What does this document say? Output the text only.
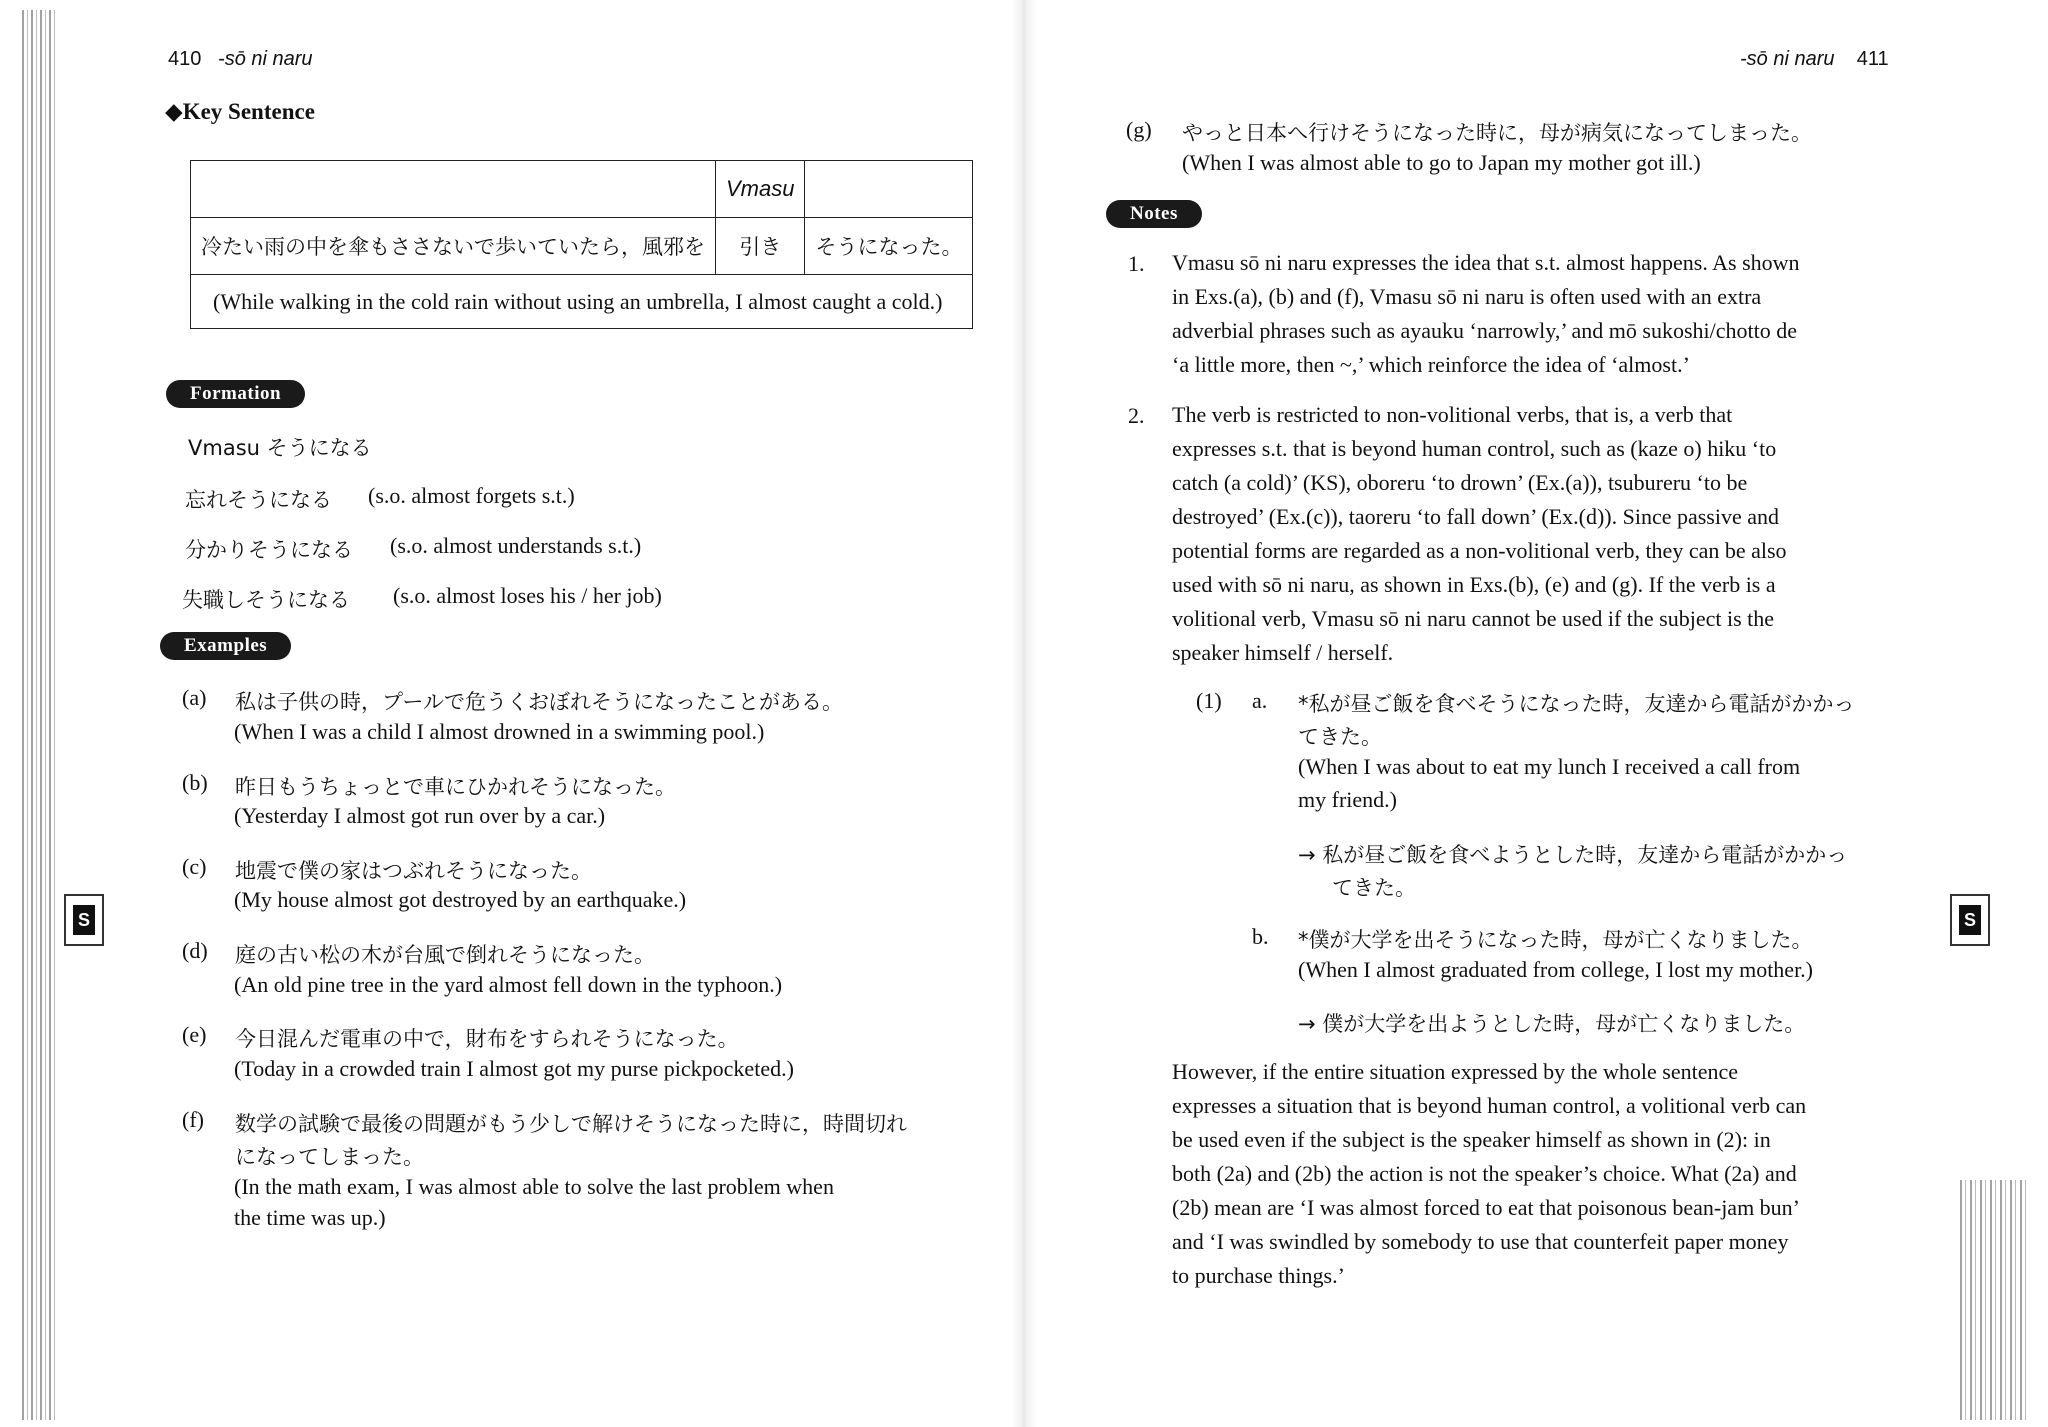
410 -sō ni naru
◆Key Sentence
	Vmasu	
冷たい雨の中を傘もささないで歩いていたら，風邪を	引き	そうになった。
(While walking in the cold rain without using an umbrella, I almost caught a cold.)		
Formation
Vmasu そうになる
忘れそうになる (s.o. almost forgets s.t.)
分かりそうになる (s.o. almost understands s.t.)
失職しそうになる (s.o. almost loses his / her job)
Examples
(a) 私は子供の時，プールで危うくおぼれそうになったことがある。
(When I was a child I almost drowned in a swimming pool.)
(b) 昨日もうちょっとで車にひかれそうになった。
(Yesterday I almost got run over by a car.)
(c) 地震で僕の家はつぶれそうになった。
(My house almost got destroyed by an earthquake.)
(d) 庭の古い松の木が台風で倒れそうになった。
(An old pine tree in the yard almost fell down in the typhoon.)
(e) 今日混んだ電車の中で，財布をすられそうになった。
(Today in a crowded train I almost got my purse pickpocketed.)
(f) 数学の試験で最後の問題がもう少しで解けそうになった時に，時間切れ
になってしまった。
(In the math exam, I was almost able to solve the last problem when
the time was up.)
S
-sō ni naru 411
(g) やっと日本へ行けそうになった時に，母が病気になってしまった。
(When I was almost able to go to Japan my mother got ill.)
Notes
1. Vmasu sō ni naru expresses the idea that s.t. almost happens. As shown
in Exs.(a), (b) and (f), Vmasu sō ni naru is often used with an extra
adverbial phrases such as ayauku ‘narrowly,’ and mō sukoshi/chotto de
‘a little more, then ~,’ which reinforce the idea of ‘almost.’
2. The verb is restricted to non-volitional verbs, that is, a verb that
expresses s.t. that is beyond human control, such as (kaze o) hiku ‘to
catch (a cold)’ (KS), oboreru ‘to drown’ (Ex.(a)), tsubureru ‘to be
destroyed’ (Ex.(c)), taoreru ‘to fall down’ (Ex.(d)). Since passive and
potential forms are regarded as a non-volitional verb, they can be also
used with sō ni naru, as shown in Exs.(b), (e) and (g). If the verb is a
volitional verb, Vmasu sō ni naru cannot be used if the subject is the
speaker himself / herself.
(1) a. *私が昼ご飯を食べそうになった時，友達から電話がかかっ
てきた。
(When I was about to eat my lunch I received a call from
my friend.)
→ 私が昼ご飯を食べようとした時，友達から電話がかかっ
てきた。
b. *僕が大学を出そうになった時，母が亡くなりました。
(When I almost graduated from college, I lost my mother.)
→ 僕が大学を出ようとした時，母が亡くなりました。
However, if the entire situation expressed by the whole sentence
expresses a situation that is beyond human control, a volitional verb can
be used even if the subject is the speaker himself as shown in (2): in
both (2a) and (2b) the action is not the speaker’s choice. What (2a) and
(2b) mean are ‘I was almost forced to eat that poisonous bean-jam bun’
and ‘I was swindled by somebody to use that counterfeit paper money
to purchase things.’
S
